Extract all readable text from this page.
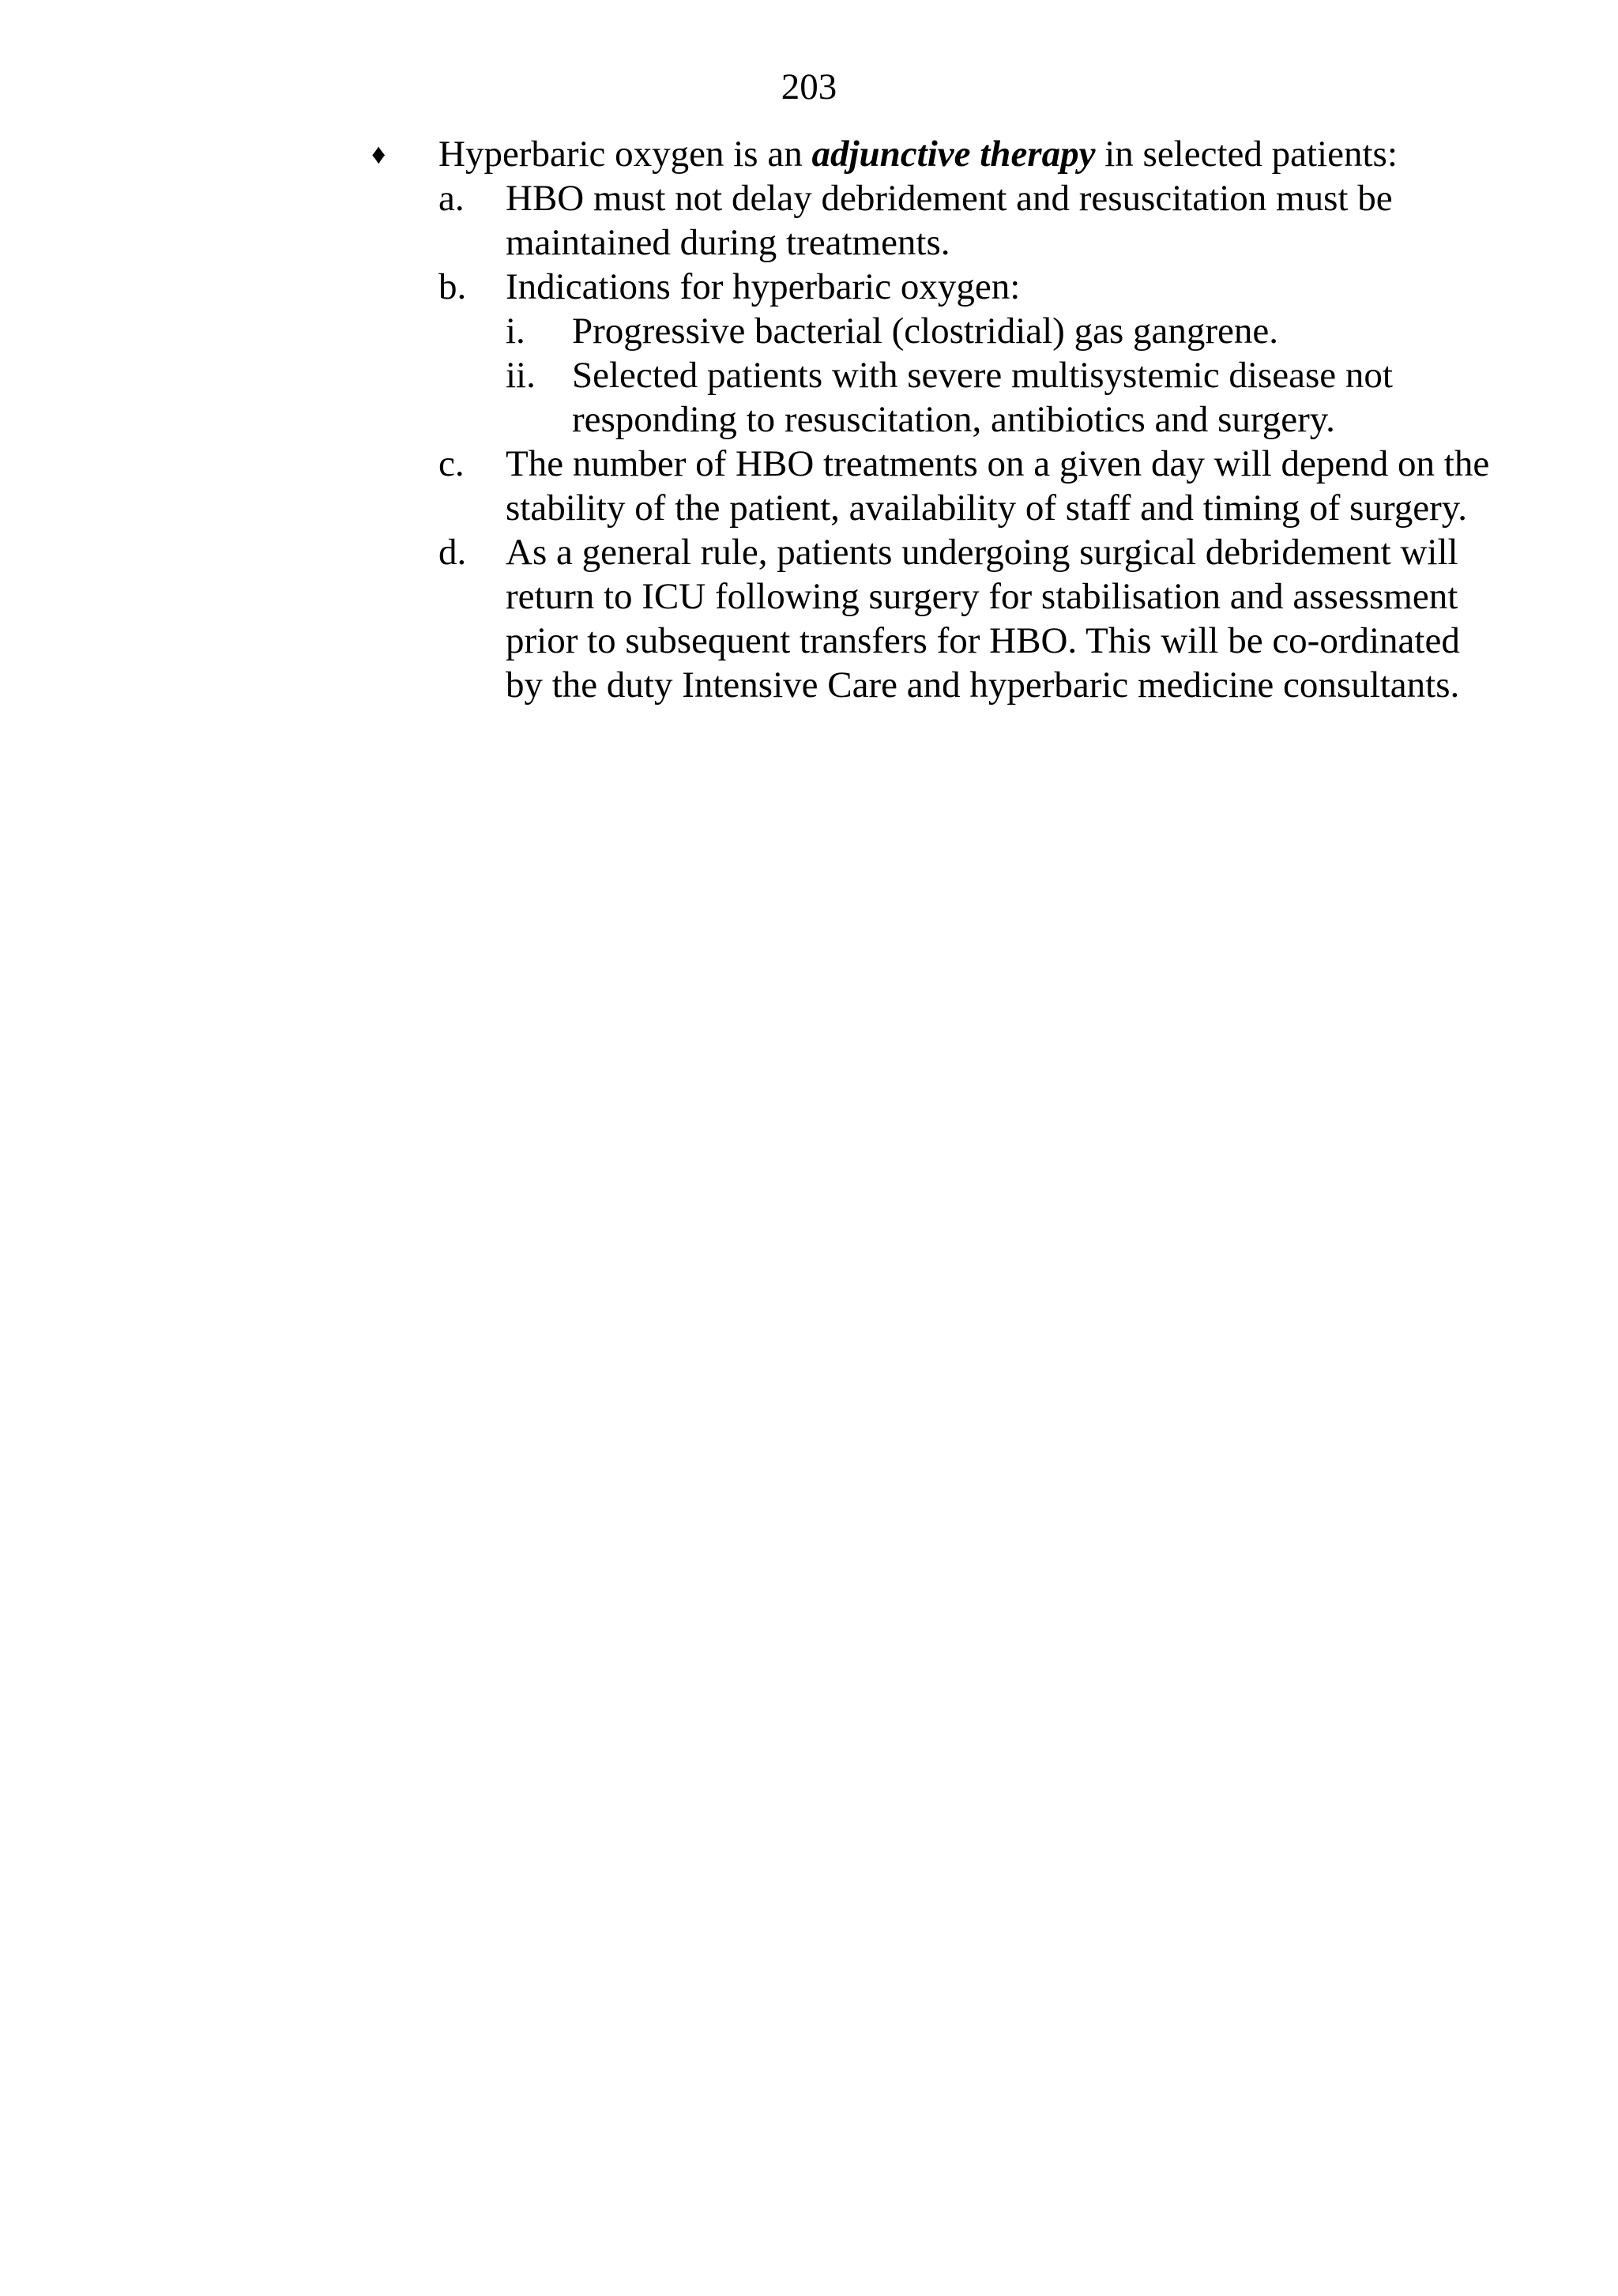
203
♦	Hyperbaric oxygen is an adjunctive therapy in selected patients:
a.	HBO must not delay debridement and resuscitation must be
maintained during treatments.
b.	Indications for hyperbaric oxygen:
i.	Progressive bacterial (clostridial) gas gangrene.
ii. Selected patients with severe multisystemic disease not
responding to resuscitation, antibiotics and surgery.
c.	The number of HBO treatments on a given day will depend on the
stability of the patient, availability of staff and timing of surgery.
d.	As a general rule, patients undergoing surgical debridement will
return to ICU following surgery for stabilisation and assessment
prior to subsequent transfers for HBO. This will be co-ordinated
by the duty Intensive Care and hyperbaric medicine consultants.
